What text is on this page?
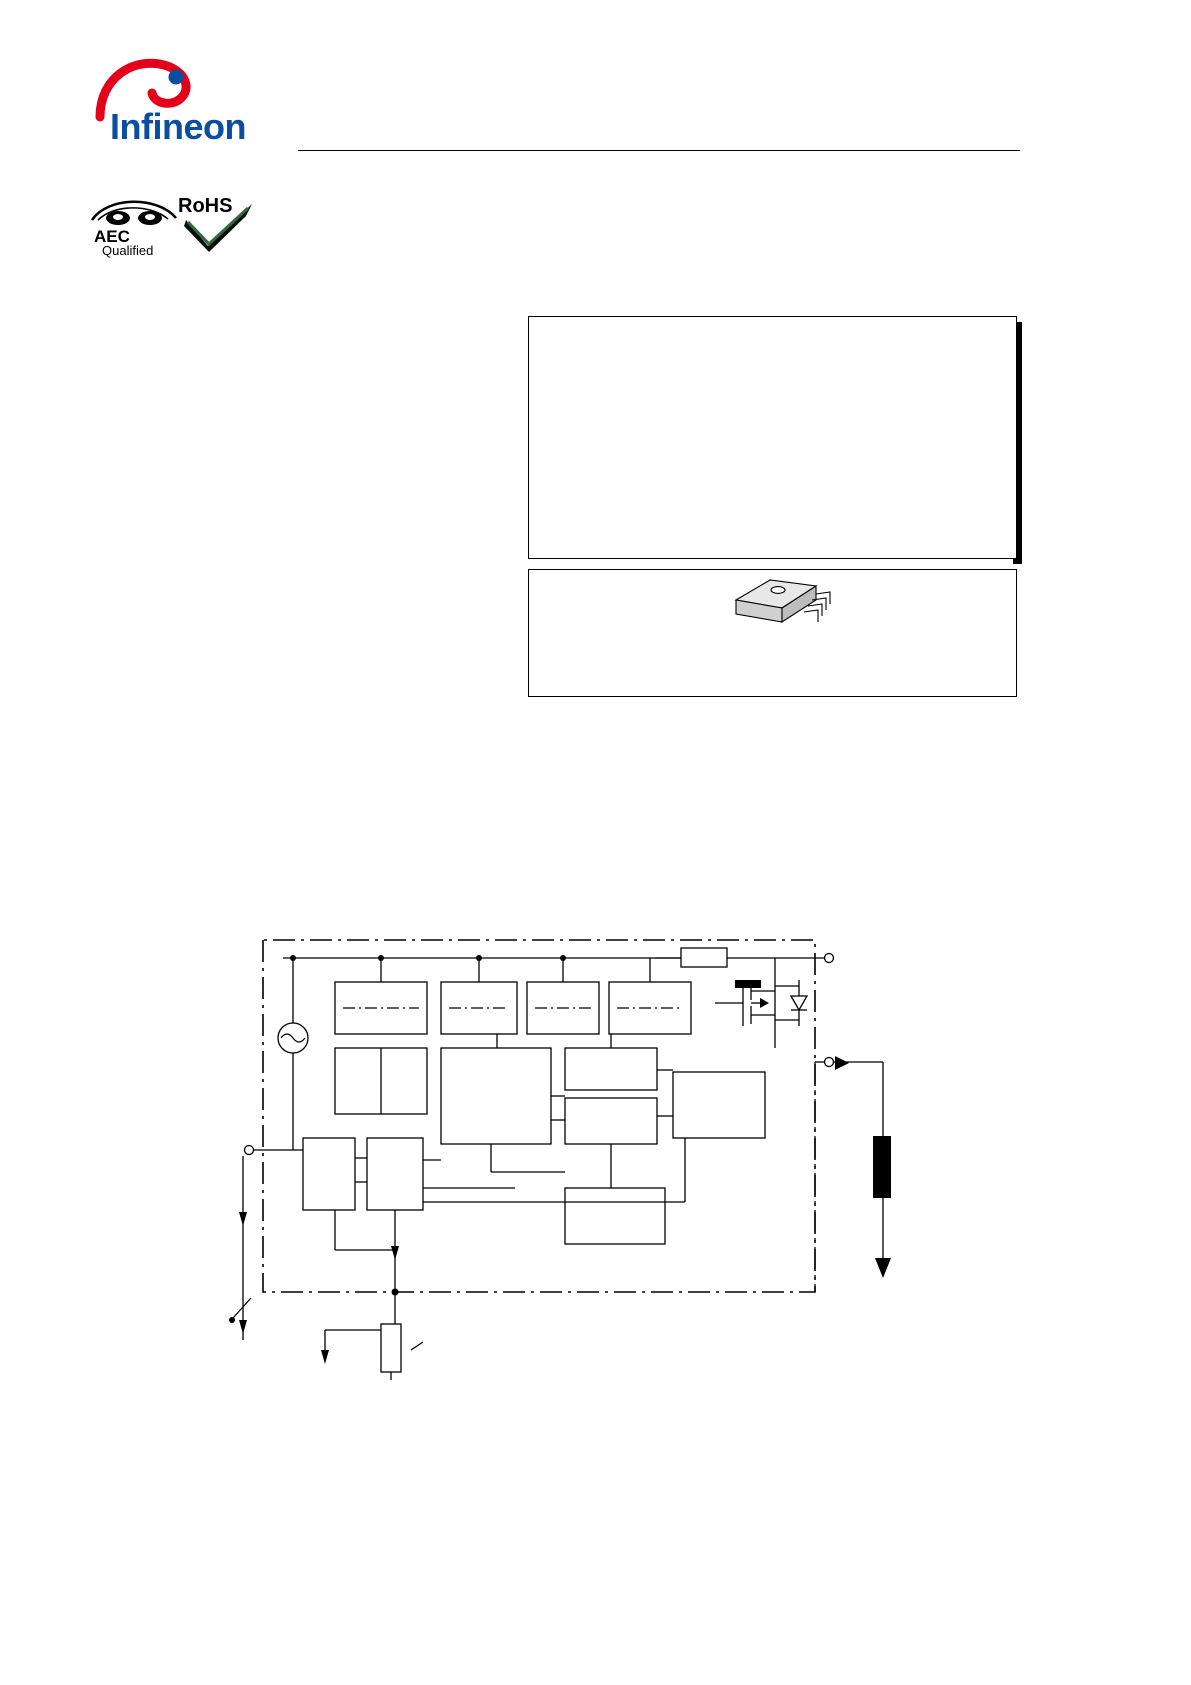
Infineon
AEC
Qualified
RoHS
